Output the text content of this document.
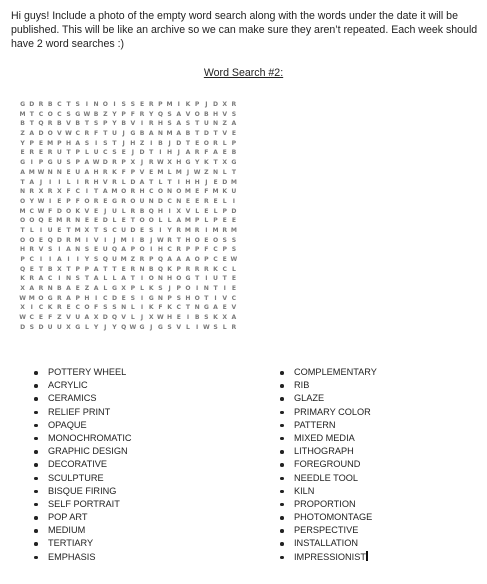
Hi guys! Include a photo of the empty word search along with the words under the date it will be published. This will be like an archive so we can make sure they aren’t repeated. Each week should have 2 word searches :)
Word Search #2:
G D R B C T S I N O I S S E R P M I K P J D X R
M T C O C S G W B Z Y P F R Y Q S A V O B H V S
B T Q R B V B T S P Y B V I R H S A S T U N Z A
Z A D O V W C R F T U J G B A N M A B T D T V E
Y P E M P H A S I S T J H Z I B J D T E O R L P
E R E R U T P L U C S E J D T I H J A R F A E B
G I P G U S P A W D R P X J R W X H G Y K T X G
A M W N N E U A H R K F P V E M L M J W Z N L T
T A J	I	I L	I R H V R L D A T L T I H H J E D M
N R X R X F C I T A M O R H C O N O M E F M K U
O Y W I E P F O R E G R O U N D C N E E R E L	I
M C W F D O K V E J U L R B Q H I X V L E L P D
O O Q E M R N E E D L E T O O L L A M P L P E E
T L	I U E T M X T S C U D E S I Y R M R I M R M
O O E Q D R M I V I	J M I B J W R T H O E O S S
H R V S I A N S E U Q A P O I H C R P P F C P S
P C I	I A I	I Y S Q U M Z R P Q A A A O P C E W
Q E T B X T P P A T T E R N B Q K P R R R K C L
K R A C I N S T A L L A T I O N H O G T I U T E
X A R N B A E Z A L G X P L K S J P O I N T I E
W M O G R A P H I C D E S I G N P S H O T I V C
X I C K R E C O F S S N L	I K F K C T N G A E V
W C E F Z V U A X D Q V L	J X W H E I B S K X A
D S D U U X G L Y J Y Q W G J G S V L	I W S L R
POTTERY WHEEL
ACRYLIC
CERAMICS
RELIEF PRINT
OPAQUE
MONOCHROMATIC
GRAPHIC DESIGN
DECORATIVE
SCULPTURE
BISQUE FIRING
SELF PORTRAIT
POP ART
MEDIUM
TERTIARY
EMPHASIS
COMPLEMENTARY
RIB
GLAZE
PRIMARY COLOR
PATTERN
MIXED MEDIA
LITHOGRAPH
FOREGROUND
NEEDLE TOOL
KILN
PROPORTION
PHOTOMONTAGE
PERSPECTIVE
INSTALLATION
IMPRESSIONIST
